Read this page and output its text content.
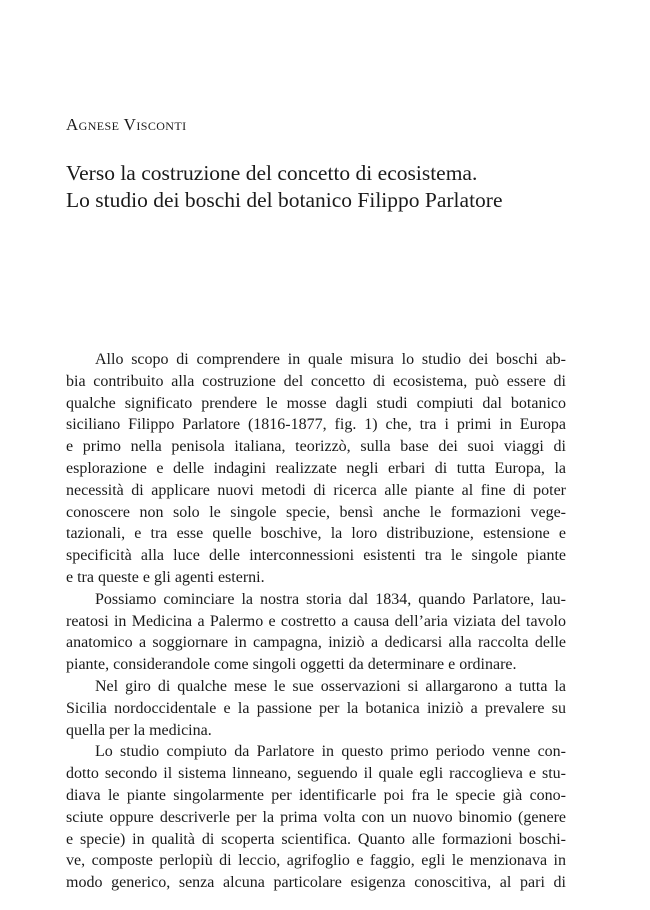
Agnese Visconti
Verso la costruzione del concetto di ecosistema.
Lo studio dei boschi del botanico Filippo Parlatore
Allo scopo di comprendere in quale misura lo studio dei boschi ab-
bia contribuito alla costruzione del concetto di ecosistema, può essere di
qualche significato prendere le mosse dagli studi compiuti dal botanico
siciliano Filippo Parlatore (1816-1877, fig. 1) che, tra i primi in Europa
e primo nella penisola italiana, teorizzò, sulla base dei suoi viaggi di
esplorazione e delle indagini realizzate negli erbari di tutta Europa, la
necessità di applicare nuovi metodi di ricerca alle piante al fine di poter
conoscere non solo le singole specie, bensì anche le formazioni vege-
tazionali, e tra esse quelle boschive, la loro distribuzione, estensione e
specificità alla luce delle interconnessioni esistenti tra le singole piante
e tra queste e gli agenti esterni.
Possiamo cominciare la nostra storia dal 1834, quando Parlatore, lau-
reatosi in Medicina a Palermo e costretto a causa dell’aria viziata del tavolo
anatomico a soggiornare in campagna, iniziò a dedicarsi alla raccolta delle
piante, considerandole come singoli oggetti da determinare e ordinare.
Nel giro di qualche mese le sue osservazioni si allargarono a tutta la
Sicilia nordoccidentale e la passione per la botanica iniziò a prevalere su
quella per la medicina.
Lo studio compiuto da Parlatore in questo primo periodo venne con-
dotto secondo il sistema linneano, seguendo il quale egli raccoglieva e stu-
diava le piante singolarmente per identificarle poi fra le specie già cono-
sciute oppure descriverle per la prima volta con un nuovo binomio (genere
e specie) in qualità di scoperta scientifica. Quanto alle formazioni boschi-
ve, composte perlopiù di leccio, agrifoglio e faggio, egli le menzionava in
modo generico, senza alcuna particolare esigenza conoscitiva, al pari di
